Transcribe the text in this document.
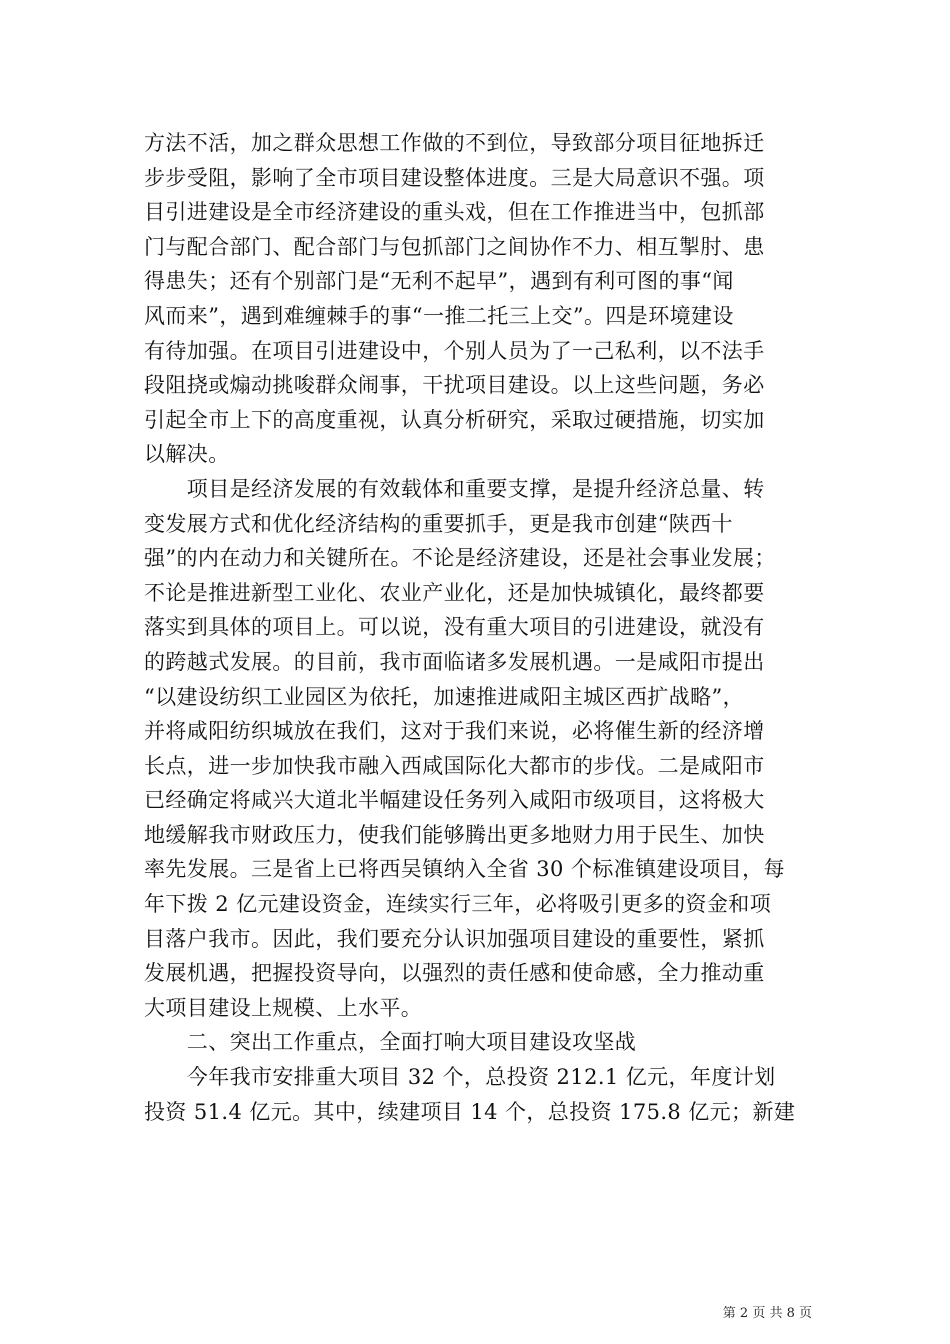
方法不活，加之群众思想工作做的不到位，导致部分项目征地拆迁
步步受阻，影响了全市项目建设整体进度。三是大局意识不强。项
目引进建设是全市经济建设的重头戏，但在工作推进当中，包抓部
门与配合部门、配合部门与包抓部门之间协作不力、相互掣肘、患
得患失；还有个别部门是“无利不起早”，遇到有利可图的事“闻
风而来”，遇到难缠棘手的事“一推二托三上交”。四是环境建设
有待加强。在项目引进建设中，个别人员为了一己私利，以不法手
段阻挠或煽动挑唆群众闹事，干扰项目建设。以上这些问题，务必
引起全市上下的高度重视，认真分析研究，采取过硬措施，切实加
以解决。
　　项目是经济发展的有效载体和重要支撑，是提升经济总量、转
变发展方式和优化经济结构的重要抓手，更是我市创建“陕西十
强”的内在动力和关键所在。不论是经济建设，还是社会事业发展；
不论是推进新型工业化、农业产业化，还是加快城镇化，最终都要
落实到具体的项目上。可以说，没有重大项目的引进建设，就没有
的跨越式发展。的目前，我市面临诸多发展机遇。一是咸阳市提出
“以建设纺织工业园区为依托，加速推进咸阳主城区西扩战略”，
并将咸阳纺织城放在我们，这对于我们来说，必将催生新的经济增
长点，进一步加快我市融入西咸国际化大都市的步伐。二是咸阳市
已经确定将咸兴大道北半幅建设任务列入咸阳市级项目，这将极大
地缓解我市财政压力，使我们能够腾出更多地财力用于民生、加快
率先发展。三是省上已将西吴镇纳入全省 30 个标准镇建设项目，每
年下拨 2 亿元建设资金，连续实行三年，必将吸引更多的资金和项
目落户我市。因此，我们要充分认识加强项目建设的重要性，紧抓
发展机遇，把握投资导向，以强烈的责任感和使命感，全力推动重
大项目建设上规模、上水平。
　　二、突出工作重点，全面打响大项目建设攻坚战
　　今年我市安排重大项目 32 个，总投资 212.1 亿元，年度计划
投资 51.4 亿元。其中，续建项目 14 个，总投资 175.8 亿元；新建
第 2 页 共 8 页
